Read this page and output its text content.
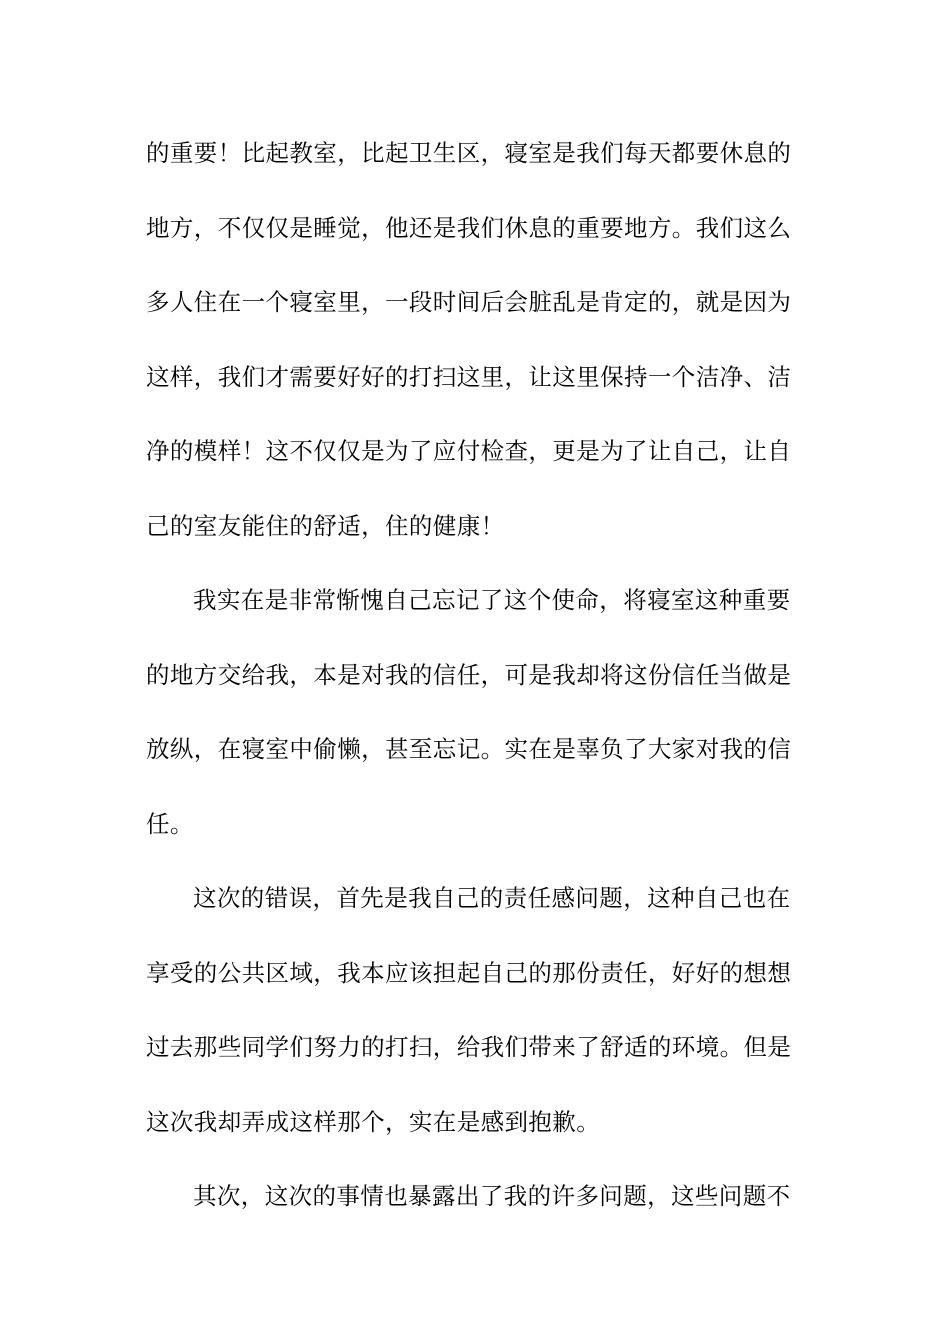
的重要！比起教室，比起卫生区，寝室是我们每天都要休息的
地方，不仅仅是睡觉，他还是我们休息的重要地方。我们这么
多人住在一个寝室里，一段时间后会脏乱是肯定的，就是因为
这样，我们才需要好好的打扫这里，让这里保持一个洁净、洁
净的模样！这不仅仅是为了应付检查，更是为了让自己，让自
己的室友能住的舒适，住的健康！
我实在是非常惭愧自己忘记了这个使命，将寝室这种重要
的地方交给我，本是对我的信任，可是我却将这份信任当做是
放纵，在寝室中偷懒，甚至忘记。实在是辜负了大家对我的信
任。
这次的错误，首先是我自己的责任感问题，这种自己也在
享受的公共区域，我本应该担起自己的那份责任，好好的想想
过去那些同学们努力的打扫，给我们带来了舒适的环境。但是
这次我却弄成这样那个，实在是感到抱歉。
其次，这次的事情也暴露出了我的许多问题，这些问题不
